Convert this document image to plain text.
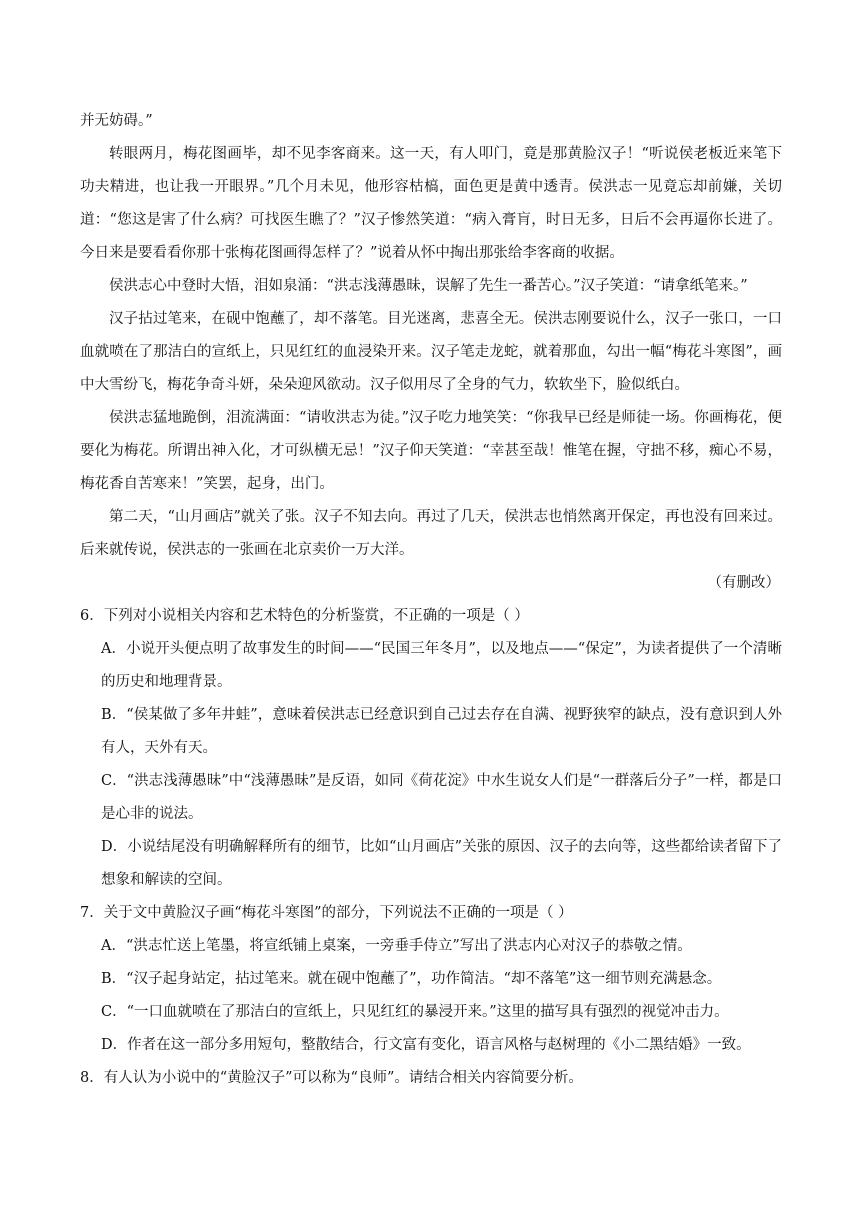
并无妨碍。”

转眼两月，梅花图画毕，却不见李客商来。这一天，有人叩门，竟是那黄脸汉子！“听说侯老板近来笔下功夫精进，也让我一开眼界。”几个月未见，他形容枯槁，面色更是黄中透青。侯洪志一见竟忘却前嫌，关切道：“您这是害了什么病？可找医生瞧了？”汉子惨然笑道：“病入膏肓，时日无多，日后不会再逼你长进了。今日来是要看看你那十张梅花图画得怎样了？”说着从怀中掏出那张给李客商的收据。

侯洪志心中登时大悟，泪如泉涌：“洪志浅薄愚昧，误解了先生一番苦心。”汉子笑道：“请拿纸笔来。”

汉子拈过笔来，在砚中饱蘸了，却不落笔。目光迷离，悲喜全无。侯洪志刚要说什么，汉子一张口，一口血就喷在了那洁白的宣纸上，只见红红的血浸染开来。汉子笔走龙蛇，就着那血，勾出一幅“梅花斗寒图”，画中大雪纷飞，梅花争奇斗妍，朵朵迎风欲动。汉子似用尽了全身的气力，软软坐下，脸似纸白。

侯洪志猛地跪倒，泪流满面：“请收洪志为徒。”汉子吃力地笑笑：“你我早已经是师徒一场。你画梅花，便要化为梅花。所谓出神入化，才可纵横无忌！”汉子仰天笑道：“幸甚至哉！惟笔在握，守拙不移，痴心不易，梅花香自苦寒来！”笑罢，起身，出门。

第二天，“山月画店”就关了张。汉子不知去向。再过了几天，侯洪志也悄然离开保定，再也没有回来过。后来就传说，侯洪志的一张画在北京卖价一万大洋。

（有删改）

6．下列对小说相关内容和艺术特色的分析鉴赏，不正确的一项是（ ）

A．小说开头便点明了故事发生的时间——“民国三年冬月”，以及地点——“保定”，为读者提供了一个清晰的历史和地理背景。

B．“侯某做了多年井蛙”，意味着侯洪志已经意识到自己过去存在自满、视野狭窄的缺点，没有意识到人外有人，天外有天。

C．“洪志浅薄愚昧”中“浅薄愚昧”是反语，如同《荷花淀》中水生说女人们是“一群落后分子”一样，都是口是心非的说法。

D．小说结尾没有明确解释所有的细节，比如“山月画店”关张的原因、汉子的去向等，这些都给读者留下了想象和解读的空间。

7．关于文中黄脸汉子画“梅花斗寒图”的部分，下列说法不正确的一项是（ ）

A．“洪志忙送上笔墨，将宣纸铺上桌案，一旁垂手侍立”写出了洪志内心对汉子的恭敬之情。

B．“汉子起身站定，拈过笔来。就在砚中饱蘸了”，功作简洁。“却不落笔”这一细节则充满悬念。

C．“一口血就喷在了那洁白的宣纸上，只见红红的暴浸开来。”这里的描写具有强烈的视觉冲击力。

D．作者在这一部分多用短句，整散结合，行文富有变化，语言风格与赵树理的《小二黑结婚》一致。

8．有人认为小说中的“黄脸汉子”可以称为“良师”。请结合相关内容简要分析。
